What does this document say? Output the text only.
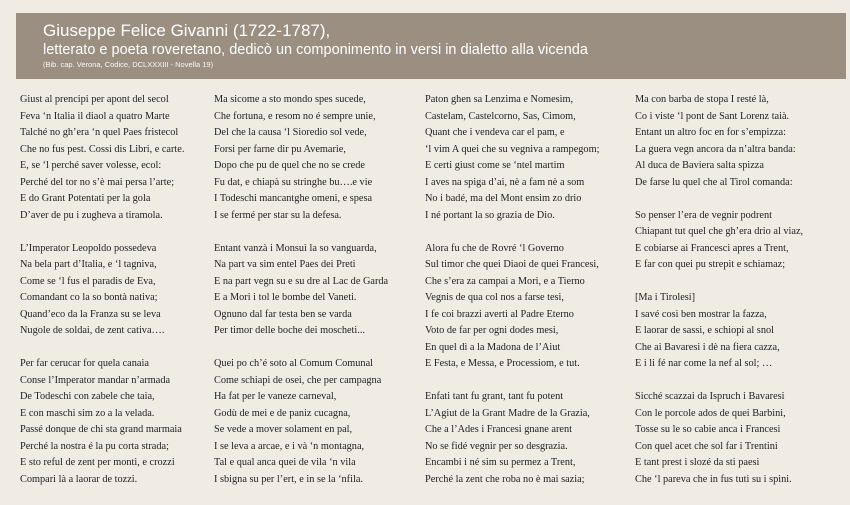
Giuseppe Felice Givanni (1722-1787),
letterato e poeta roveretano, dedicò un componimento in versi in dialetto alla vicenda
(Bib. cap. Verona, Codice, DCLXXXIII - Novella 19)
Giust al prencipi per apont del secol
Feva ‘n Italia il diaol a quatro Marte
Talché no gh’era ‘n quel Paes fristecol
Che no fus pest. Cossi dis Libri, e carte.
E, se ‘l perché saver volesse, ecol:
Perché del tor no s’è mai persa l’arte;
E do Grant Potentati per la gola
D’aver de pu i zugheva a tiramola.
L’Imperator Leopoldo possedeva
Na bela part d’Italia, e ‘l tagniva,
Come se ‘l fus el paradis de Eva,
Comandant co la so bontà nativa;
Quand’eco da la Franza su se leva
Nugole de soldai, de zent cativa….
Per far cerucar for quela canaia
Conse l’Imperator mandar n’armada
De Todeschi con zabele che taia,
E con maschi sim zo a la velada.
Passé donque de chi sta grand marmaia
Perché la nostra é la pu corta strada;
E sto reful de zent per monti, e crozzi
Compari là a laorar de tozzi.
Ma sicome a sto mondo spes sucede,
Che fortuna, e resom no é sempre unie,
Del che la causa ‘l Sioredio sol vede,
Forsi per farne dir pu Avemarie,
Dopo che pu de quel che no se crede
Fu dat, e chiapà su stringhe bu….e vie
I Todeschi mancantghe omeni, e spesa
I se fermé per star su la defesa.
Entant vanzà i Monsuì la so vanguarda,
Na part va sim entel Paes dei Preti
E na part vegn su e su dre al Lac de Garda
E a Mori i tol le bombe del Vaneti.
Ognuno dal far testa ben se varda
Per timor delle boche dei moscheti...
Quei po ch’é soto al Comum Comunal
Come schiapi de osei, che per campagna
Ha fat per le vaneze carneval,
Godù de mei e de paniz cucagna,
Se vede a mover solament en pal,
I se leva a arcae, e i và ‘n montagna,
Tal e qual anca quei de vila ‘n vila
I sbigna su per l’ert, e in se la ‘nfila.
Paton ghen sa Lenzima e Nomesim,
Castelam, Castelcorno, Sas, Cimom,
Quant che i vendeva car el pam, e
‘l vim A quei che su vegniva a rampegom;
E certi giust come se ‘ntel martim
I aves na spiga d’ai, nè a fam nè a som
No i badé, ma del Mont ensim zo drio
I né portant la so grazia de Dio.
Alora fu che de Rovré ‘l Governo
Sul timor che quei Diaoi de quei Francesi,
Che s’era za campai a Mori, e a Tierno
Vegnis de qua col nos a farse tesi,
I fe coi brazzi averti al Padre Eterno
Voto de far per ogni dodes mesi,
En quel dì a la Madona de l’Aiut
E Festa, e Messa, e Processiom, e tut.
Enfati tant fu grant, tant fu potent
L’Agiut de la Grant Madre de la Grazia,
Che a l’Ades i Francesi gnane arent
No se fidé vegnir per so desgrazia.
Encambi i né sim su permez a Trent,
Perché la zent che roba no è mai sazia;
Ma con barba de stopa I resté là,
Co i viste ‘l pont de Sant Lorenz taià.
Entant un altro foc en for s’empizza:
La guera vegn ancora da n’altra banda:
Al duca de Baviera salta spizza
De farse lu quel che al Tirol comanda:
So penser l’era de vegnir podrent
Chiapant tut quel che gh’era drio al viaz,
E cobiarse ai Francesci apres a Trent,
E far con quei pu strepit e schiamaz;
[Ma i Tirolesi]
I savé così ben mostrar la fazza,
E laorar de sassi, e schiopi al snol
Che ai Bavaresi i dè na fiera cazza,
E i li fé nar come la nef al sol; …
Sicché scazzai da Ispruch i Bavaresi
Con le porcole ados de quei Barbini,
Tosse su le so cabie anca i Francesi
Con quel acet che sol far i Trentini
E tant prest i slozé da sti paesi
Che ‘l pareva che in fus tuti su i spini.
